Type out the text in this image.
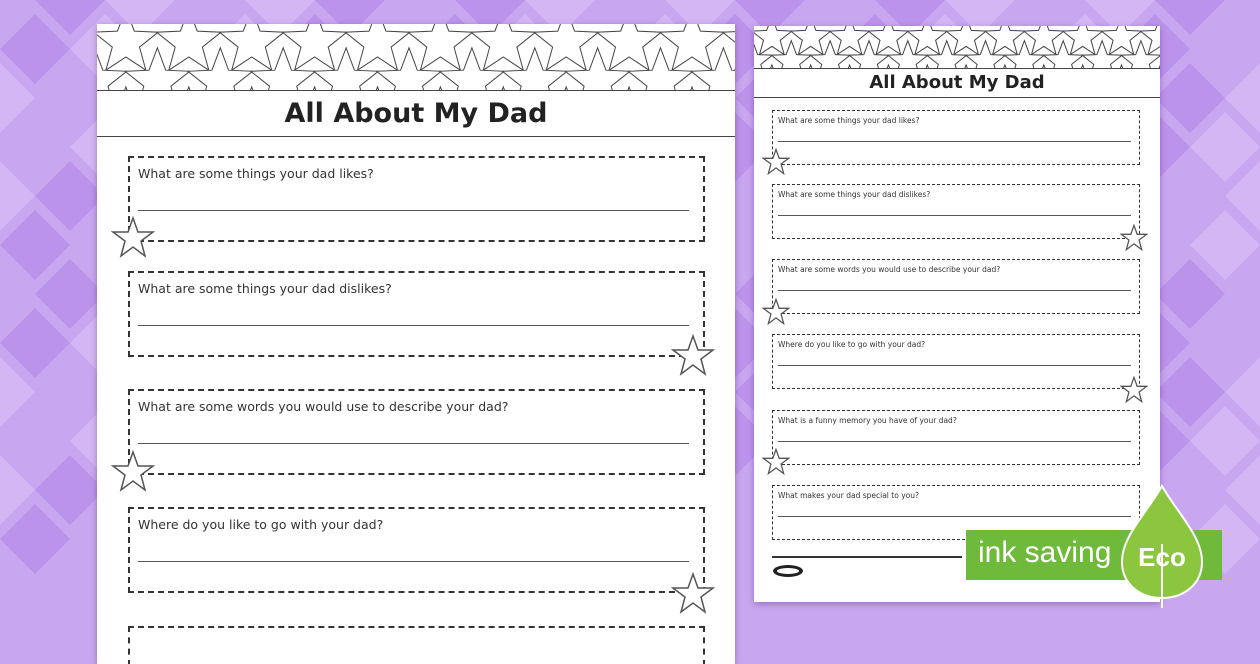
All About My Dad
What are some things your dad likes?
What are some things your dad dislikes?
What are some words you would use to describe your dad?
Where do you like to go with your dad?
All About My Dad
What are some things your dad likes?
What are some things your dad dislikes?
What are some words you would use to describe your dad?
Where do you like to go with your dad?
What is a funny memory you have of your dad?
What makes your dad special to you?
ink saving	Eco
